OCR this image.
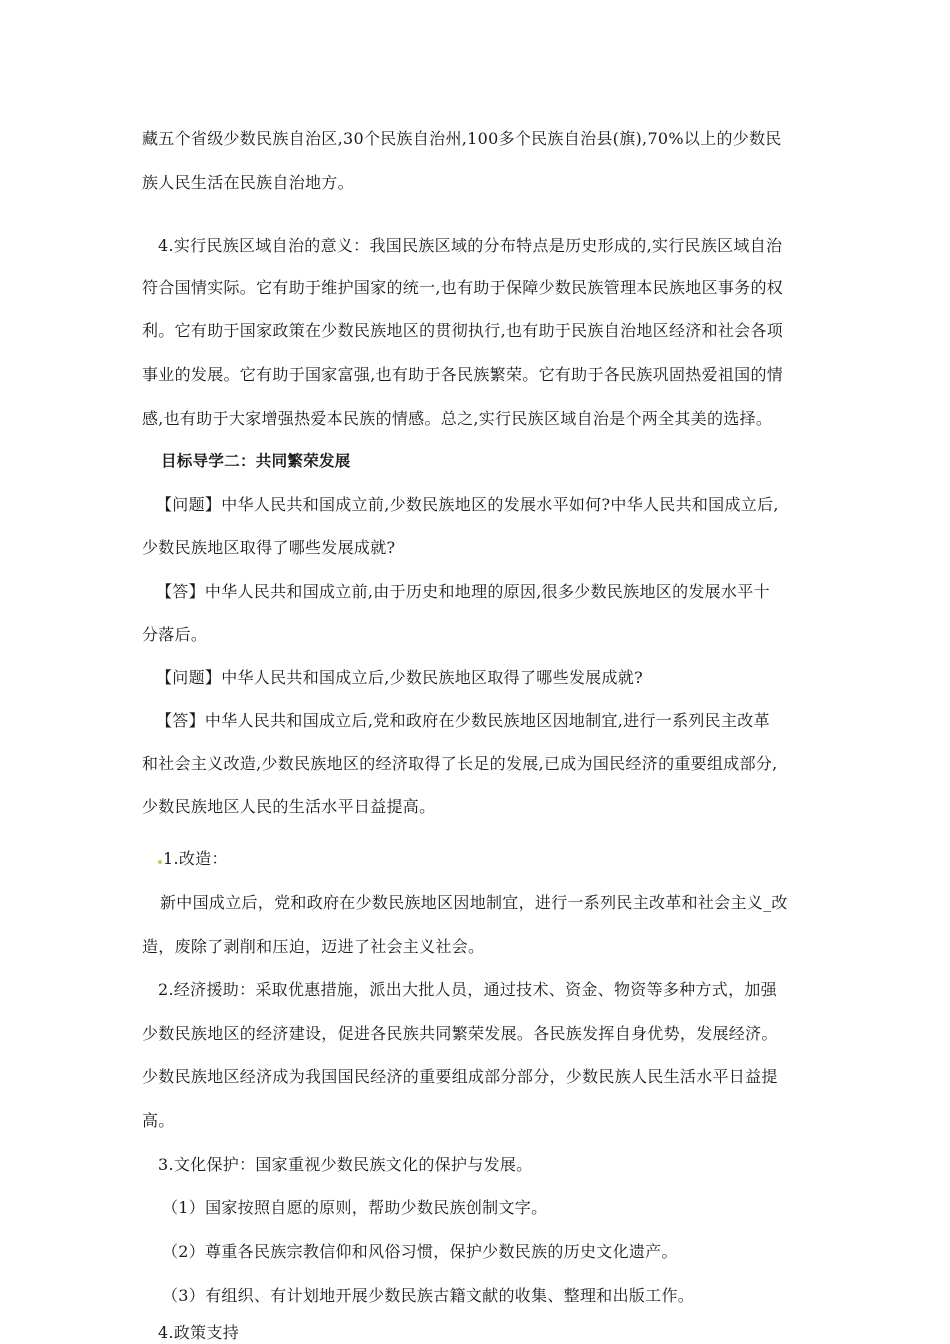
藏五个省级少数民族自治区,30个民族自治州,100多个民族自治县(旗),70%以上的少数民
族人民生活在民族自治地方。
4.实行民族区域自治的意义：我国民族区域的分布特点是历史形成的,实行民族区域自治
符合国情实际。它有助于维护国家的统一,也有助于保障少数民族管理本民族地区事务的权
利。它有助于国家政策在少数民族地区的贯彻执行,也有助于民族自治地区经济和社会各项
事业的发展。它有助于国家富强,也有助于各民族繁荣。它有助于各民族巩固热爱祖国的情
感,也有助于大家增强热爱本民族的情感。总之,实行民族区域自治是个两全其美的选择。
目标导学二：共同繁荣发展
【问题】中华人民共和国成立前,少数民族地区的发展水平如何?中华人民共和国成立后,
少数民族地区取得了哪些发展成就?
【答】中华人民共和国成立前,由于历史和地理的原因,很多少数民族地区的发展水平十
分落后。
【问题】中华人民共和国成立后,少数民族地区取得了哪些发展成就?
【答】中华人民共和国成立后,党和政府在少数民族地区因地制宜,进行一系列民主改革
和社会主义改造,少数民族地区的经济取得了长足的发展,已成为国民经济的重要组成部分,
少数民族地区人民的生活水平日益提高。
1.改造：
新中国成立后，党和政府在少数民族地区因地制宜，进行一系列民主改革和社会主义_改
造，废除了剥削和压迫，迈进了社会主义社会。
2.经济援助：采取优惠措施，派出大批人员，通过技术、资金、物资等多种方式，加强
少数民族地区的经济建设，促进各民族共同繁荣发展。各民族发挥自身优势，发展经济。
少数民族地区经济成为我国国民经济的重要组成部分部分，少数民族人民生活水平日益提
高。
3.文化保护：国家重视少数民族文化的保护与发展。
（1）国家按照自愿的原则，帮助少数民族创制文字。
（2）尊重各民族宗教信仰和风俗习惯，保护少数民族的历史文化遗产。
（3）有组织、有计划地开展少数民族古籍文献的收集、整理和出版工作。
4.政策支持
